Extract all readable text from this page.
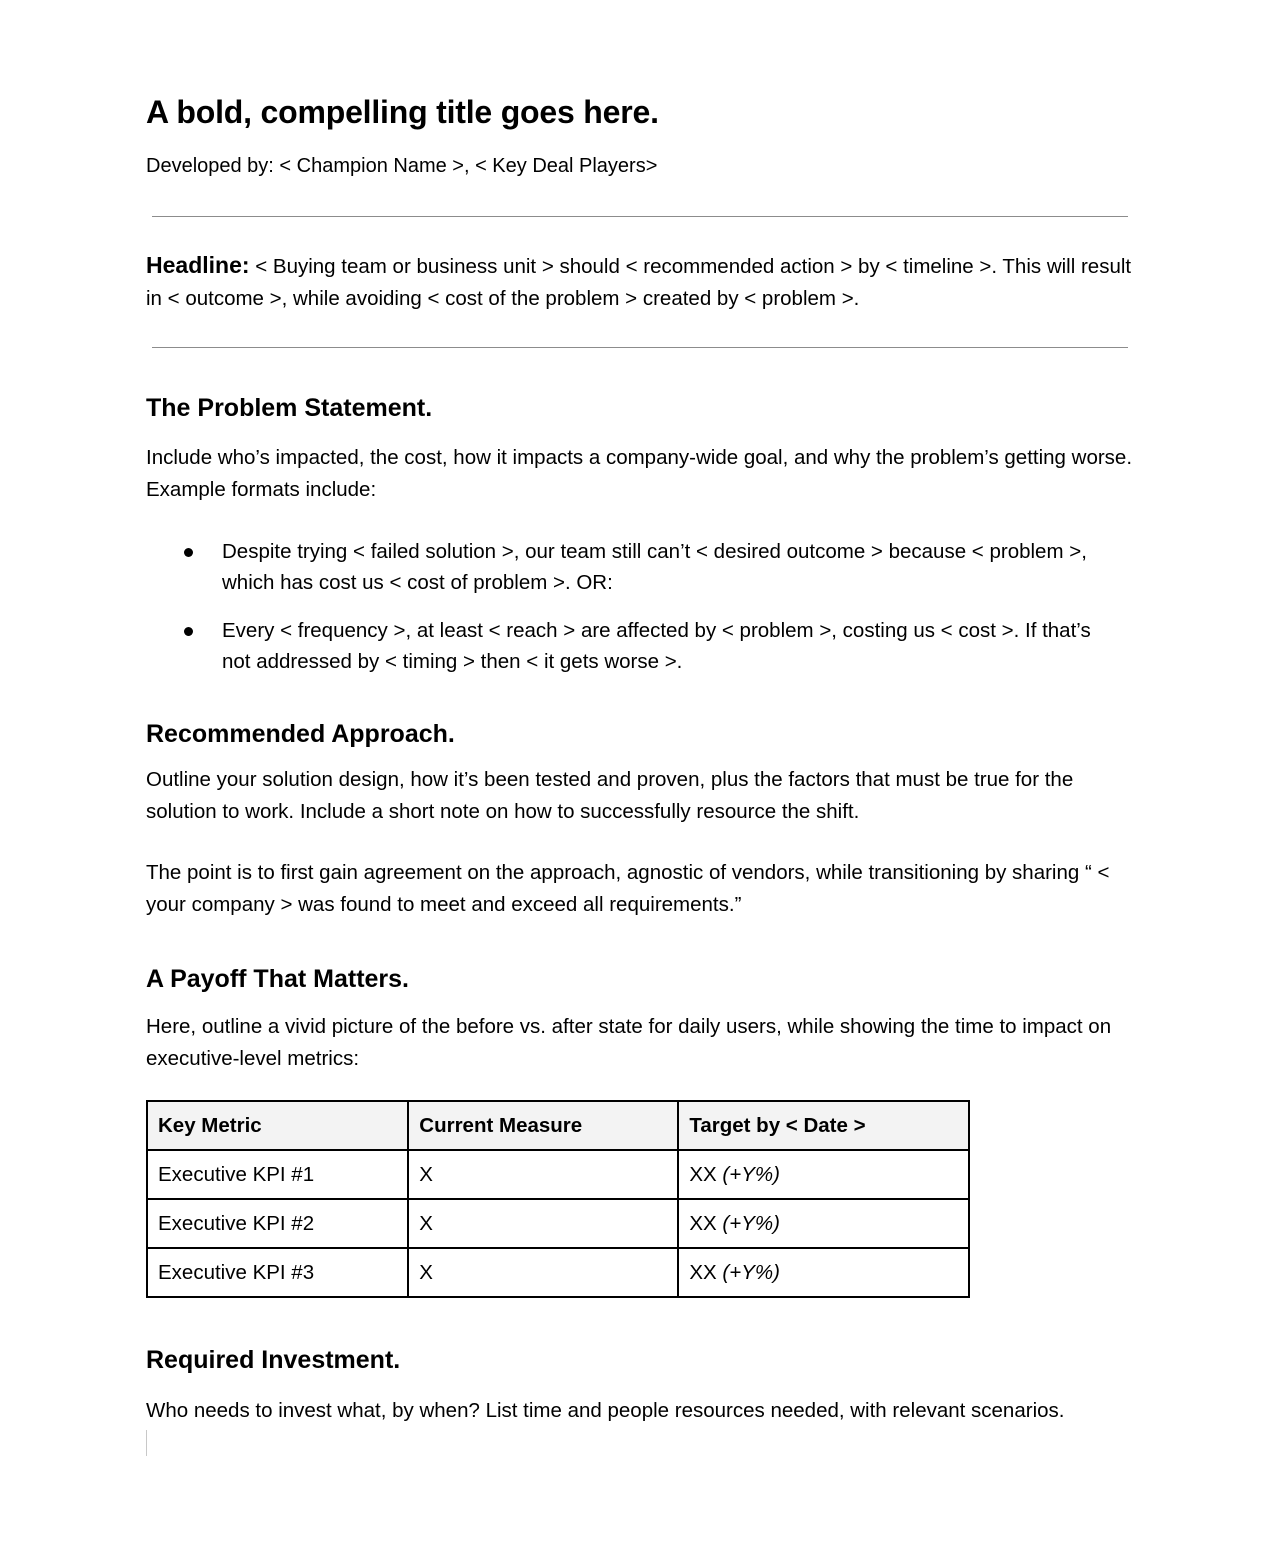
A bold, compelling title goes here.
Developed by: < Champion Name >, < Key Deal Players>

Headline: < Buying team or business unit > should < recommended action > by < timeline >. This will result in < outcome >, while avoiding < cost of the problem > created by < problem >.

The Problem Statement.

Include who’s impacted, the cost, how it impacts a company-wide goal, and why the problem’s getting worse. Example formats include:

Despite trying < failed solution >, our team still can’t < desired outcome > because < problem >, which has cost us < cost of problem >. OR:
Every < frequency >, at least < reach > are affected by < problem >, costing us < cost >. If that’s not addressed by < timing > then < it gets worse >.
Recommended Approach.

Outline your solution design, how it’s been tested and proven, plus the factors that must be true for the solution to work. Include a short note on how to successfully resource the shift.

The point is to first gain agreement on the approach, agnostic of vendors, while transitioning by sharing “ < your company > was found to meet and exceed all requirements.”

A Payoff That Matters.

Here, outline a vivid picture of the before vs. after state for daily users, while showing the time to impact on executive-level metrics:

Key Metric	Current Measure	Target by < Date >
Executive KPI #1	X	XX (+Y%)
Executive KPI #2	X	XX (+Y%)
Executive KPI #3	X	XX (+Y%)
Required Investment.

Who needs to invest what, by when? List time and people resources needed, with relevant scenarios.
